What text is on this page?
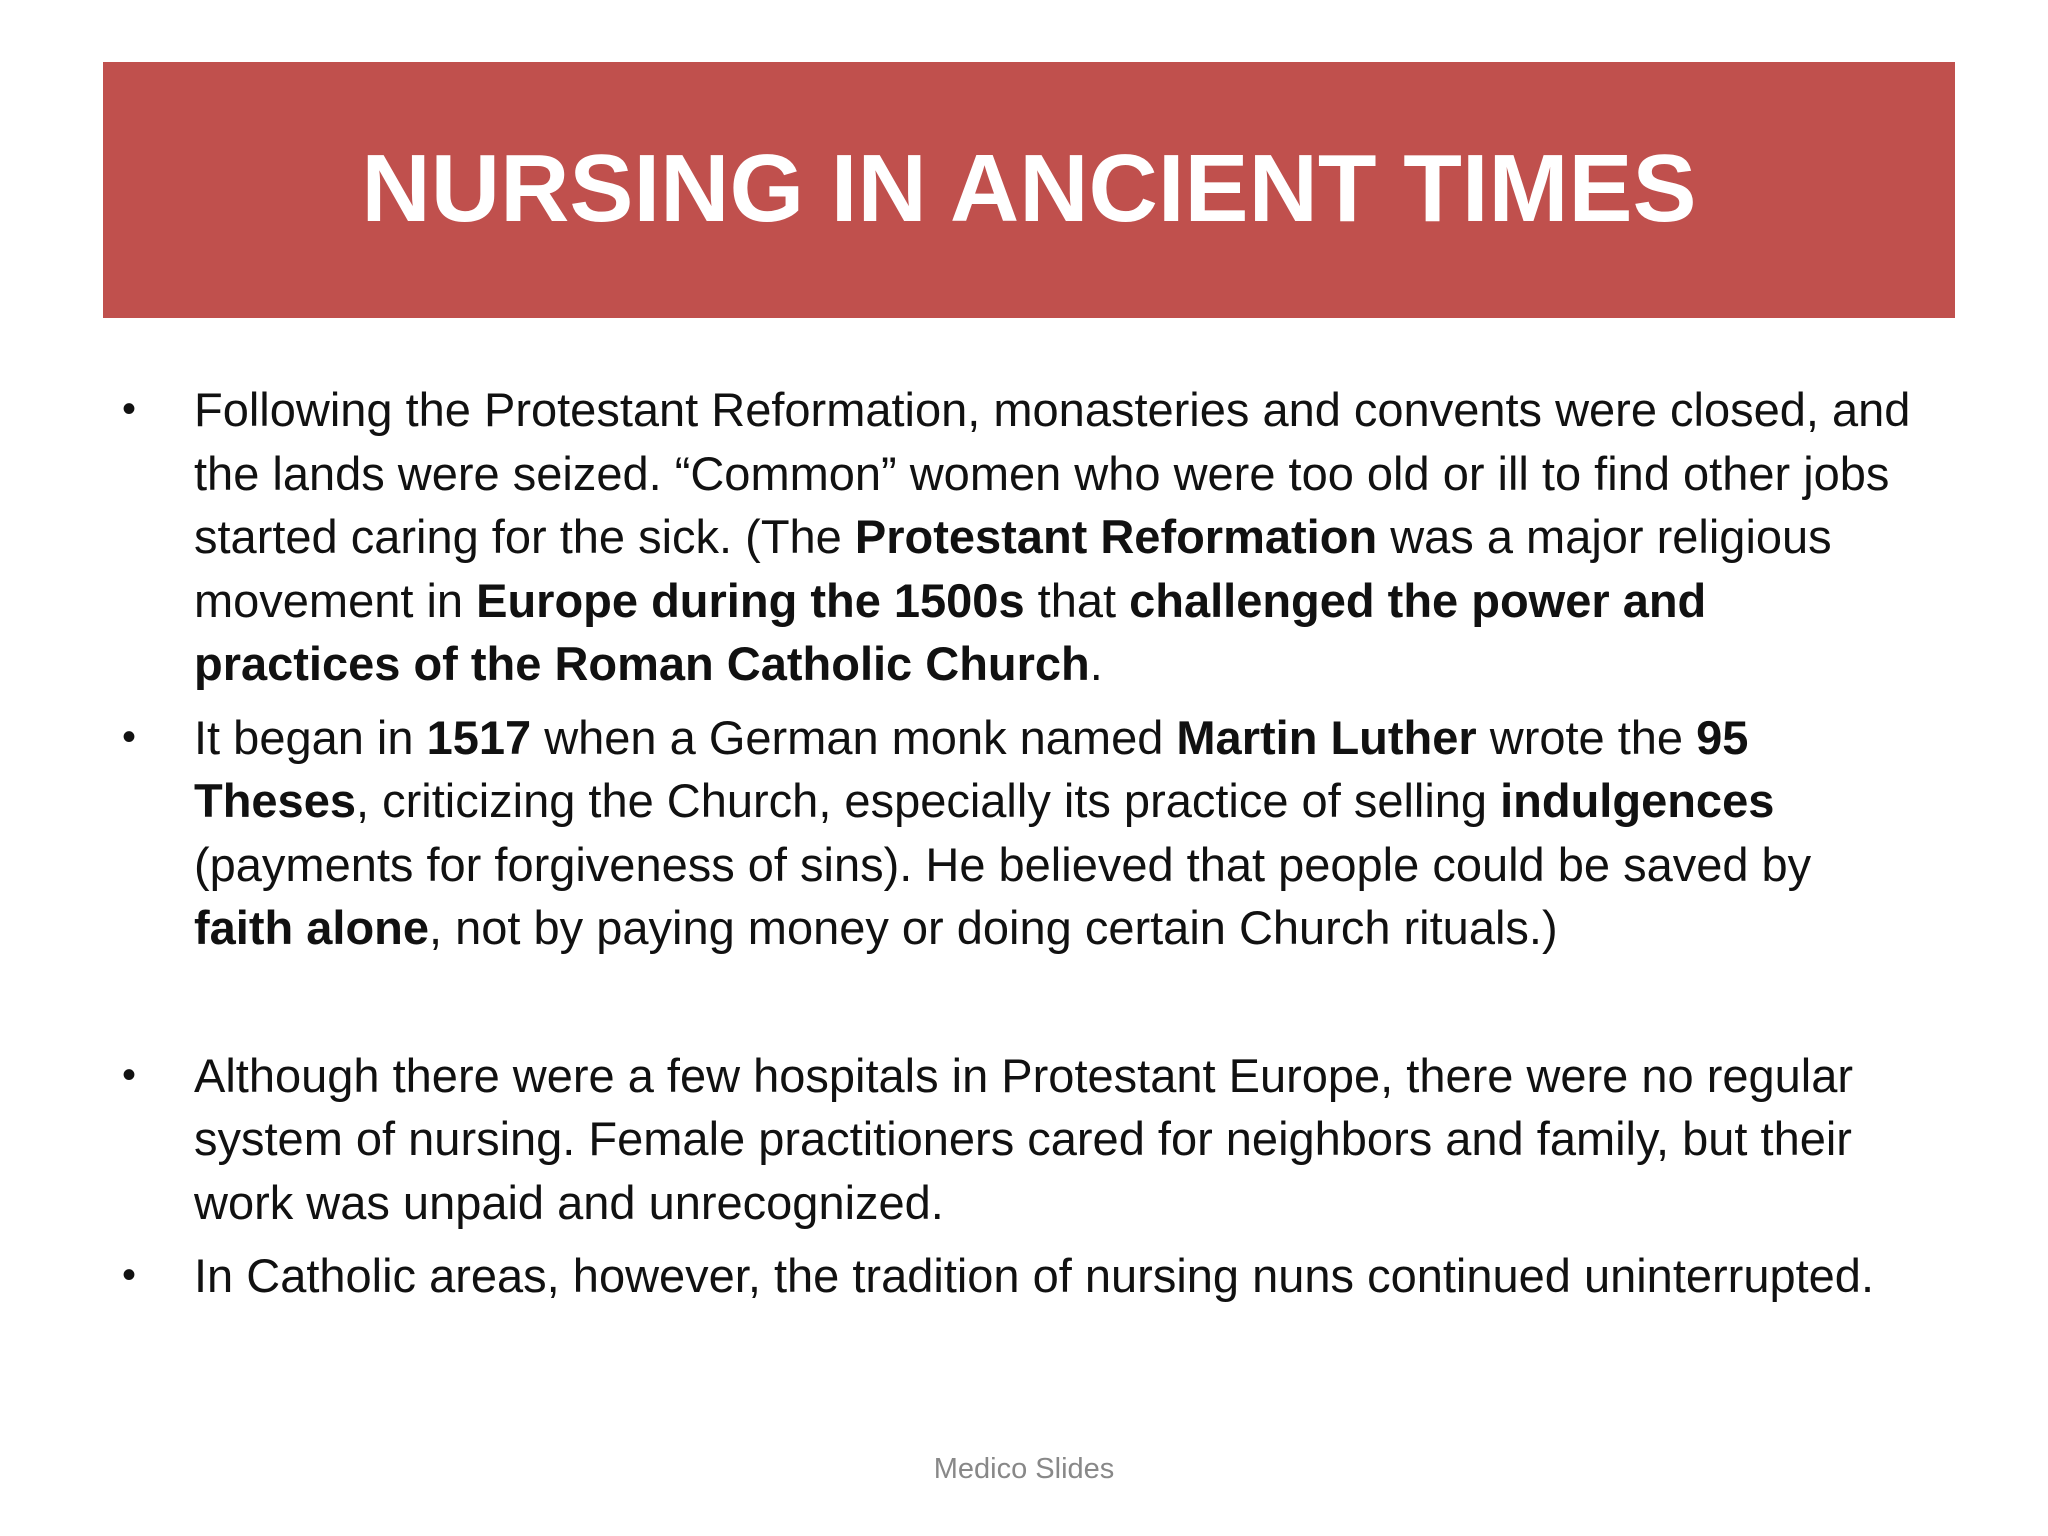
NURSING IN ANCIENT TIMES

• Following the Protestant Reformation, monasteries and convents were closed, and the lands were seized. “Common” women who were too old or ill to find other jobs started caring for the sick. (The Protestant Reformation was a major religious movement in Europe during the 1500s that challenged the power and practices of the Roman Catholic Church.

• It began in 1517 when a German monk named Martin Luther wrote the 95 Theses, criticizing the Church, especially its practice of selling indulgences (payments for forgiveness of sins). He believed that people could be saved by faith alone, not by paying money or doing certain Church rituals.)

• Although there were a few hospitals in Protestant Europe, there were no regular system of nursing. Female practitioners cared for neighbors and family, but their work was unpaid and unrecognized.

• In Catholic areas, however, the tradition of nursing nuns continued uninterrupted.

Medico Slides
